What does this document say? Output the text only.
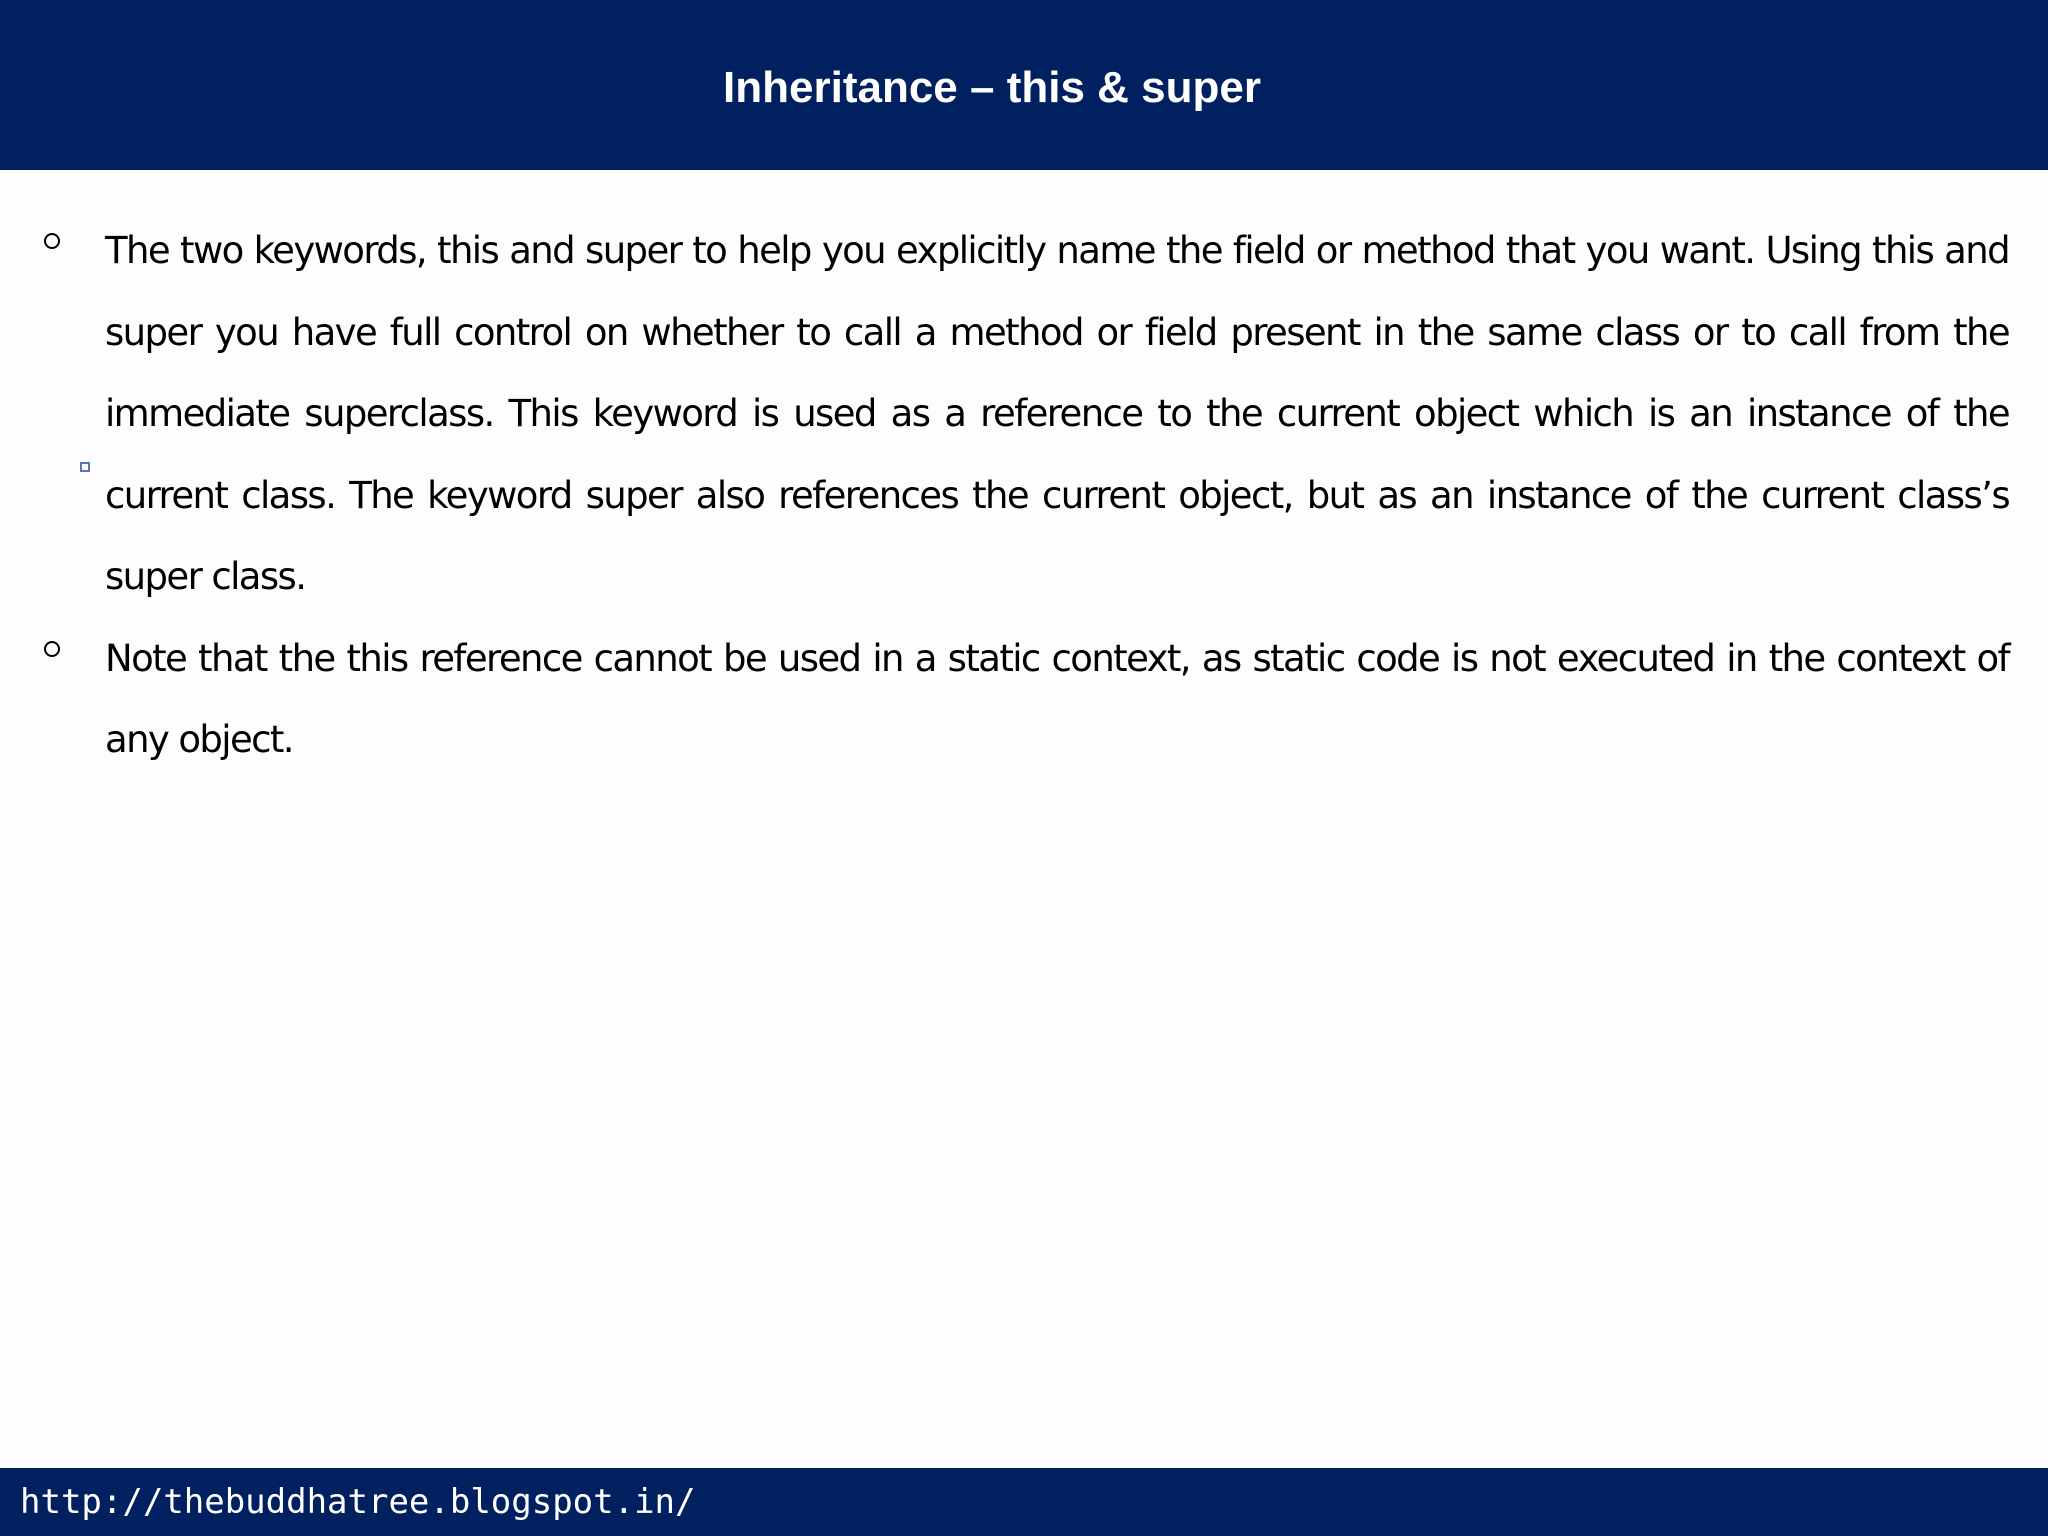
Inheritance – this & super

The two keywords, this and super to help you explicitly name the field or method that you want. Using this and super you have full control on whether to call a method or field present in the same class or to call from the immediate superclass. This keyword is used as a reference to the current object which is an instance of the current class. The keyword super also references the current object, but as an instance of the current class’s super class.

Note that the this reference cannot be used in a static context, as static code is not executed in the context of any object.

http://thebuddhatree.blogspot.in/
